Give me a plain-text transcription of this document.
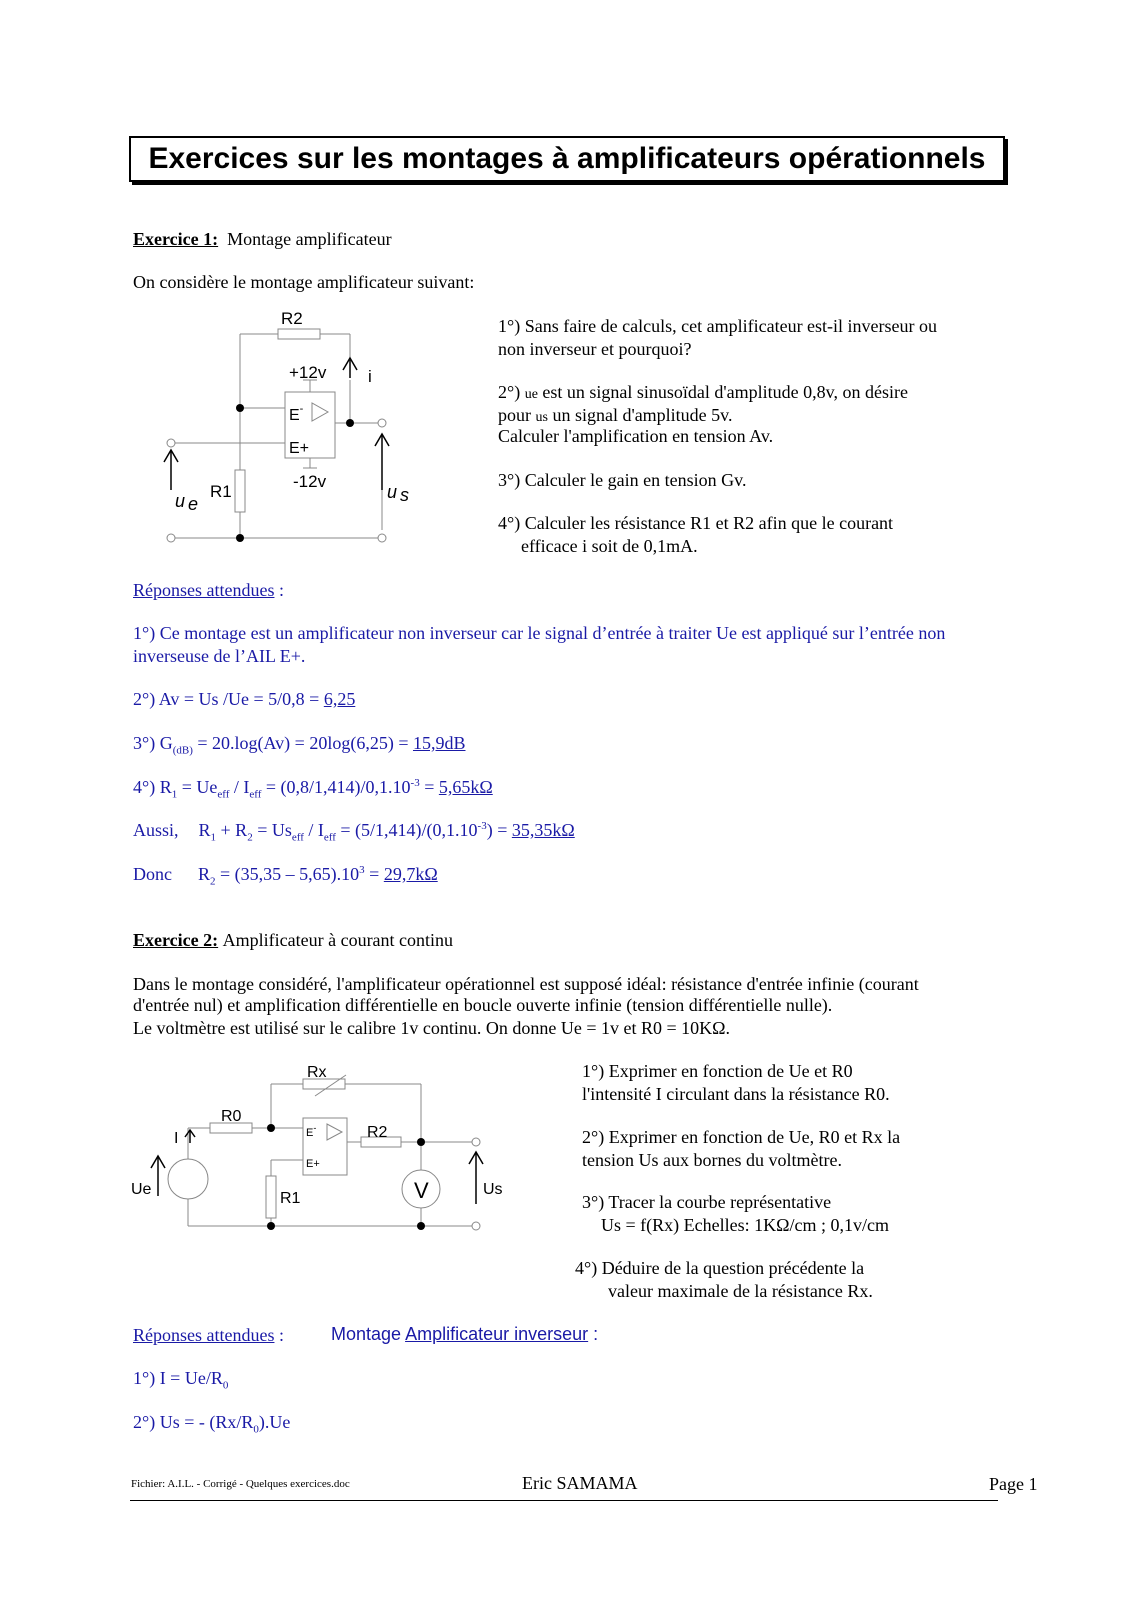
Exercices sur les montages à amplificateurs opérationnels
Exercice 1: Montage amplificateur
On considère le montage amplificateur suivant:
R2
+12v i
E-
E+
-12v
R1
u e
u s
1°) Sans faire de calculs, cet amplificateur est-il inverseur ou
non inverseur et pourquoi?
2°) ue est un signal sinusoïdal d'amplitude 0,8v, on désire
pour us un signal d'amplitude 5v.
Calculer l'amplification en tension Av.
3°) Calculer le gain en tension Gv.
4°) Calculer les résistance R1 et R2 afin que le courant
efficace i soit de 0,1mA.
Réponses attendues :
1°) Ce montage est un amplificateur non inverseur car le signal d’entrée à traiter Ue est appliqué sur l’entrée non
inverseuse de l’AIL E+.
2°) Av = Us /Ue = 5/0,8 = 6,25
3°) $G_{(dB)} = 20.\log(Av) = 20\log(6,25) = 15,9dB$
4°) $R_1 = Ue_{eff} / I_{eff} = (0,8/1,414)/0,1.10^{-3} = 5,65k\Omega$
Aussi, $R_1 + R_2 = Us_{eff} / I_{eff} = (5/1,414)/(0,1.10^{-3}) = 35,35k\Omega$
Donc $R_2 = (35,35 - 5,65).10^3 = 29,7k\Omega$
Exercice 2: Amplificateur à courant continu
Dans le montage considéré, l'amplificateur opérationnel est supposé idéal: résistance d'entrée infinie (courant
d'entrée nul) et amplification différentielle en boucle ouverte infinie (tension différentielle nulle).
Le voltmètre est utilisé sur le calibre 1v continu. On donne Ue = 1v et R0 = 10KΩ.
Rx
R0
I	E-
E+
R2
R1
Ue	Us
V
1°) Exprimer en fonction de Ue et R0
l'intensité I circulant dans la résistance R0.
2°) Exprimer en fonction de Ue, R0 et Rx la
tension Us aux bornes du voltmètre.
3°) Tracer la courbe représentative
Us = f(Rx) Echelles: 1KΩ/cm ; 0,1v/cm
4°) Déduire de la question précédente la
valeur maximale de la résistance Rx.
Réponses attendues :	Montage Amplificateur inverseur :
1°) $I = Ue/R_0$
2°) Us = - $(Rx/R_0).Ue$
Fichier: A.I.L. - Corrigé - Quelques exercices.doc	Eric SAMAMA	Page 1
